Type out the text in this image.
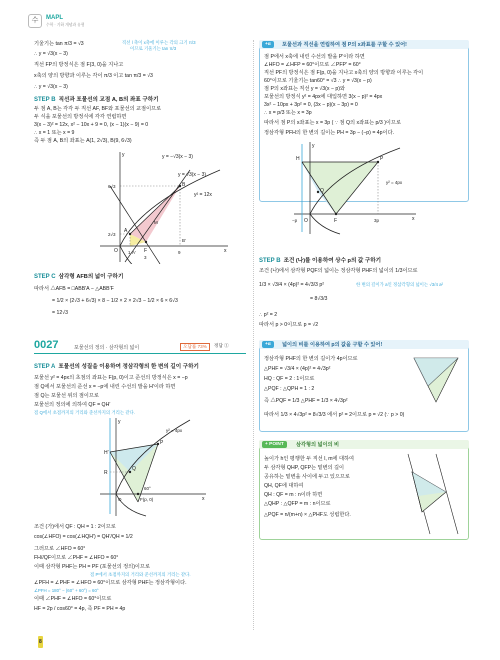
수	MAPL
수학 · 기하 개념과 유형
기울기는 tan π/3 = √3	직선 l 축이 x축에 이루는 각의 크기 π/3
이므로 기울기는 tan π/3
∴ y = √3(x − 3)
직선 FP의 방정식은 점 F(3, 0)을 지나고
x축의 양의 방향과 이루는 각이 π/3 이고 tan π/3 = √3
∴ y = √3(x − 3)
STEP B 직선과 포물선의 교점 A, B의 좌표 구하기
두 점 A, B는 각각 두 직선 AF, BF와 포물선의 교점이므로
두 식을 포물선의 방정식에 각각 연립하면
3(x − 3)² = 12x, x² − 10x + 9 = 0, (x − 1)(x − 9) = 0
∴ x = 1 또는 x = 9
즉 두 점 A, B의 좌표는 A(1, 2√3), B(9, 6√3)
y = −√3(x − 3)
y = √3(x − 3)
y² = 12x
B
A
F
O	x
y
6√3
2√3
1
3
9
A′
B′
M
STEP C 삼각형 AFB의 넓이 구하기
따라서 △AFB = □ABB′A − △ABB′F
= 1/2 × (2√3 + 6√3) × 8 − 1/2 × 2 × 2√3 − 1/2 × 6 × 6√3
= 12√3
0027	포물선의 정의 · 삼각형의 넓이	오답률 73%	정답 ①
STEP A 포물선의 성질을 이용하여 정삼각형의 한 변의 길이 구하기
포물선 y² = 4px의 초점의 좌표는 F(p, 0)이고 준선의 방정식은 x = −p
점 Q에서 포물선의 준선 x = −p에 내린 수선의 발을 H′이라 하면
점 Q는 포물선 위의 점이므로
포물선의 정의에 의하여 QF = QH′
점 Q에서 초점까지의 거리와 준선까지의 거리는 같다.
y
x
P
Q
H′
F(p, 0)
O
y² = 4px
60°
R
조건 (가)에서 QF : QH = 1 : 2이므로
cos(∠HFO) = cos(∠HQH′) = QH′/QH = 1/2
그러므로 ∠HFO = 60°
FH//QF이므로 ∠PHF = ∠HFO = 60°
이때 삼각형 PHF는 PH = PF (포물선의 정의)이므로
점 P에서 초점까지의 거리와 준선까지의 거리는 같다.
∠PFH = ∠PHF = ∠HFO = 60°이므로 삼각형 PHF는 정삼각형이다.
∠PFH = 180° − (60° + 60°) = 60°
이때 ∠PHF = ∠HFO = 60°이므로
HF = 2p / cos60° = 4p, 즉 PF = PH = 4p
8
+α	포물선과 직선을 연립하여 점 P의 x좌표를 구할 수 있어!
점 P에서 x축에 내린 수선의 발을 P′이라 하면
∠HFO = ∠HFP = 60°이므로 ∠PFP′ = 60°
직선 PF의 방정식은 점 F(p, 0)을 지나고 x축의 양의 방향과 이루는 각이
60°이므로 기울기는 tan60° = √3 ∴ y = √3(x − p)
점 P의 x좌표는 직선 y = √3(x − p)와
포물선의 방정식 y² = 4px에 대입하면 3(x − p)² = 4px
3x² − 10px + 3p² = 0, (3x − p)(x − 3p) = 0
∴ x = p/3 또는 x = 3p
따라서 점 P의 x좌표는 x = 3p ( ∵ 점 Q의 x좌표는 p/3 )이므로
정삼각형 PFH의 한 변의 길이는 PH = 3p − (−p) = 4p이다.
y
x
P
H
F
O
Q
y² = 4px
−p	3p
STEP B 조건 (나)를 이용하여 상수 p의 값 구하기
조건 (나)에서 삼각형 PQF의 넓이는 정삼각형 PHF의 넓이의 1/3이므로
1/3 × √3/4 × (4p)² = 4√3/3 p²	한 변의 길이가 a인 정삼각형의 넓이는 √3/4 a²
= 8√3/3
∴ p² = 2
따라서 p > 0이므로 p = √2
+α	넓이의 비를 이용하여 p의 값을 구할 수 있어!
정삼각형 PHF의 한 변의 길이가 4p이므로
△PHF = √3/4 × (4p)² = 4√3p²
HQ : QF = 2 : 1이므로
△PQF : △QPH = 1 : 2
즉 △PQF = 1/3 △PHF = 1/3 × 4√3p²
따라서 1/3 × 4√3p² = 8√3/3 에서 p² = 2이므로 p = √2 (∵ p > 0)
+ POINT	삼각형의 넓이의 비
높이가 h인 평행한 두 직선 l, m에 대하여
두 삼각형 QHP, QFP는 밑변의 길이
공유하는 밑변을 사이에 두고 있으므로
QH, QF에 대하여
QH : QF = m : n이라 하면
△QHP : △QFP = m : n이므로
△PQF = n/(m+n) × △PHF도 성립한다.
